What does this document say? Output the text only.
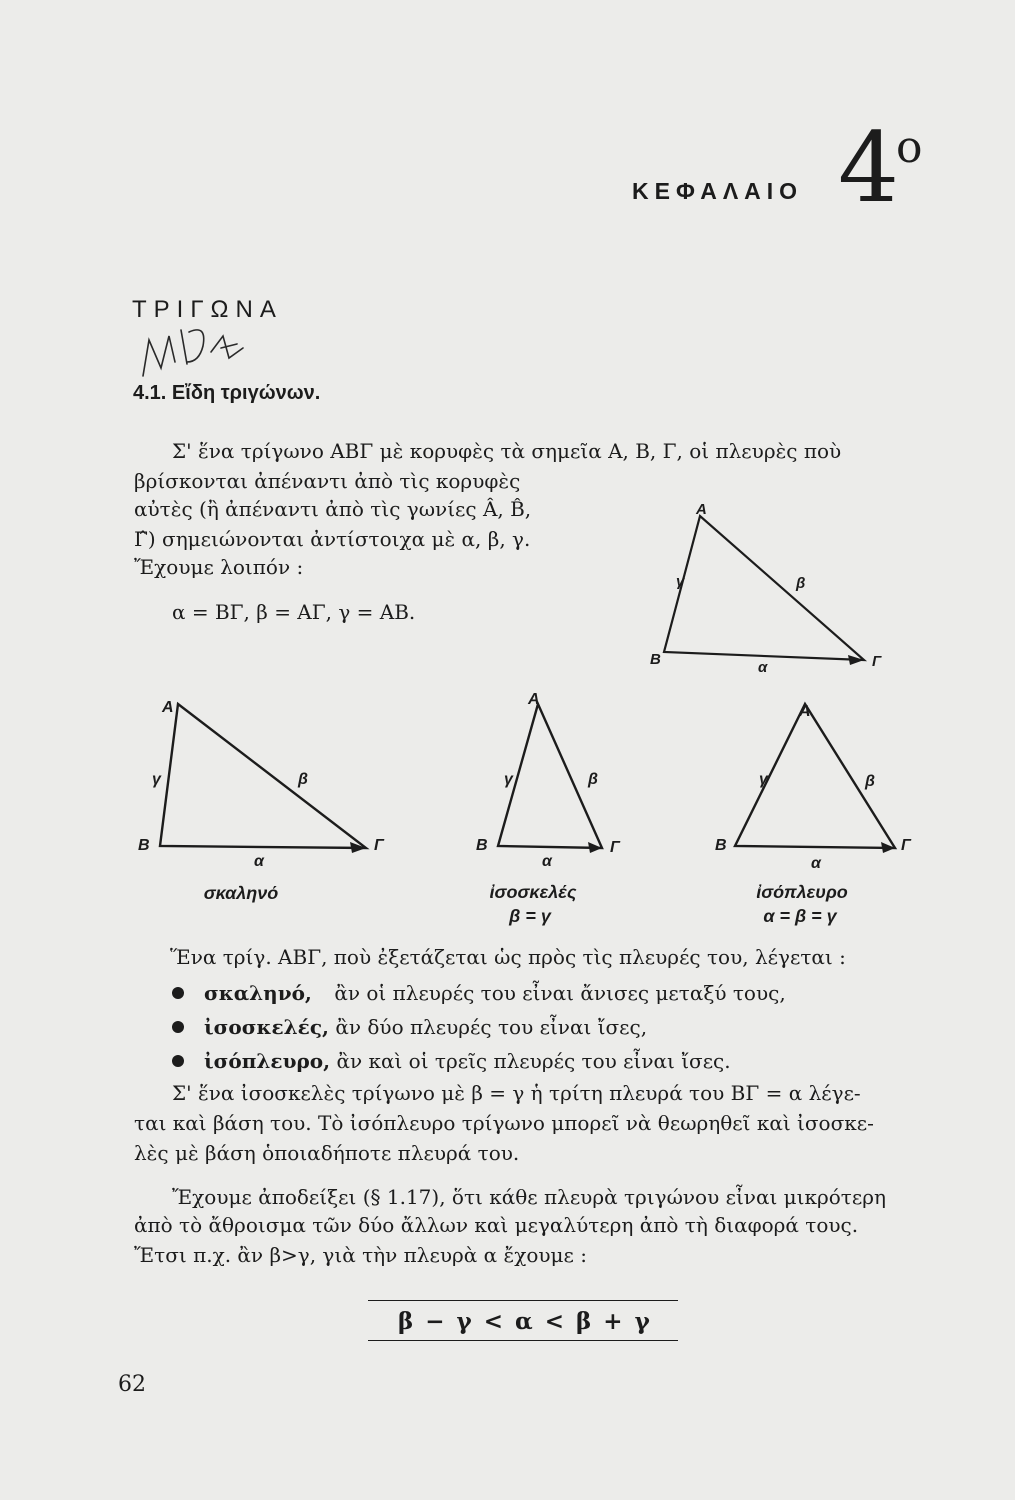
ΚΕΦΑΛΑΙΟ 4
ο
ΤΡΙΓΩΝΑ
4.1. Εἴδη τριγώνων.
Σ' ἕνα τρίγωνο ΑΒΓ μὲ κορυφὲς τὰ σημεῖα Α, Β, Γ, οἱ πλευρὲς ποὺ
βρίσκονται ἀπέναντι ἀπὸ τὶς κορυφὲς
αὐτὲς (ἢ ἀπέναντι ἀπὸ τὶς γωνίες Â, B̂,
Γ̂) σημειώνονται ἀντίστοιχα μὲ α, β, γ.
Ἔχουμε λοιπόν :
α = ΒΓ, β = ΑΓ, γ = ΑΒ.
A
B	Γ
α
β
γ
A
B	Γ
α
β
γ
σκαληνό
A
B	Γ
α
β
γ
ἰσοσκελές
β = γ
A
B	Γ
α
β
γ
ἰσόπλευρο
α = β = γ
Ἕνα τρίγ. ΑΒΓ, ποὺ ἐξετάζεται ὡς πρὸς τὶς πλευρές του, λέγεται :
σκαληνό, ἂν οἱ πλευρές του εἶναι ἄνισες μεταξύ τους,
ἰσοσκελές, ἂν δύο πλευρές του εἶναι ἴσες,
ἰσόπλευρο, ἂν καὶ οἱ τρεῖς πλευρές του εἶναι ἴσες.
Σ' ἕνα ἰσοσκελὲς τρίγωνο μὲ β = γ ἡ τρίτη πλευρά του ΒΓ = α λέγε-
ται καὶ βάση του. Τὸ ἰσόπλευρο τρίγωνο μπορεῖ νὰ θεωρηθεῖ καὶ ἰσοσκε-
λὲς μὲ βάση ὁποιαδήποτε πλευρά του.
Ἔχουμε ἀποδείξει (§ 1.17), ὅτι κάθε πλευρὰ τριγώνου εἶναι μικρότερη
ἀπὸ τὸ ἄθροισμα τῶν δύο ἄλλων καὶ μεγαλύτερη ἀπὸ τὴ διαφορά τους.
Ἔτσι π.χ. ἂν β>γ, γιὰ τὴν πλευρὰ α ἔχουμε :
β − γ < α < β + γ
62
